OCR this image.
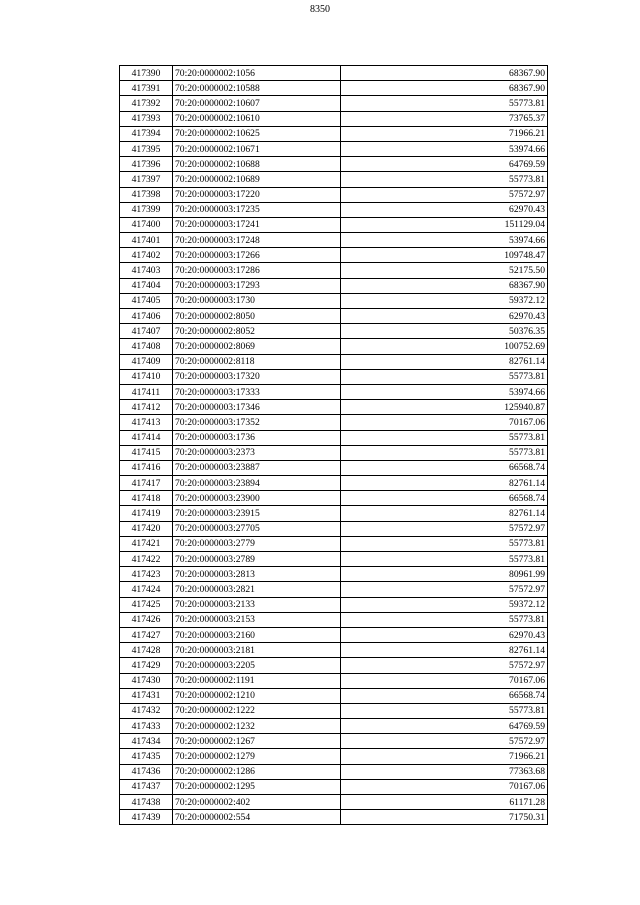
8350
417390	70:20:0000002:1056	68367.90
417391	70:20:0000002:10588	68367.90
417392	70:20:0000002:10607	55773.81
417393	70:20:0000002:10610	73765.37
417394	70:20:0000002:10625	71966.21
417395	70:20:0000002:10671	53974.66
417396	70:20:0000002:10688	64769.59
417397	70:20:0000002:10689	55773.81
417398	70:20:0000003:17220	57572.97
417399	70:20:0000003:17235	62970.43
417400	70:20:0000003:17241	151129.04
417401	70:20:0000003:17248	53974.66
417402	70:20:0000003:17266	109748.47
417403	70:20:0000003:17286	52175.50
417404	70:20:0000003:17293	68367.90
417405	70:20:0000003:1730	59372.12
417406	70:20:0000002:8050	62970.43
417407	70:20:0000002:8052	50376.35
417408	70:20:0000002:8069	100752.69
417409	70:20:0000002:8118	82761.14
417410	70:20:0000003:17320	55773.81
417411	70:20:0000003:17333	53974.66
417412	70:20:0000003:17346	125940.87
417413	70:20:0000003:17352	70167.06
417414	70:20:0000003:1736	55773.81
417415	70:20:0000003:2373	55773.81
417416	70:20:0000003:23887	66568.74
417417	70:20:0000003:23894	82761.14
417418	70:20:0000003:23900	66568.74
417419	70:20:0000003:23915	82761.14
417420	70:20:0000003:27705	57572.97
417421	70:20:0000003:2779	55773.81
417422	70:20:0000003:2789	55773.81
417423	70:20:0000003:2813	80961.99
417424	70:20:0000003:2821	57572.97
417425	70:20:0000003:2133	59372.12
417426	70:20:0000003:2153	55773.81
417427	70:20:0000003:2160	62970.43
417428	70:20:0000003:2181	82761.14
417429	70:20:0000003:2205	57572.97
417430	70:20:0000002:1191	70167.06
417431	70:20:0000002:1210	66568.74
417432	70:20:0000002:1222	55773.81
417433	70:20:0000002:1232	64769.59
417434	70:20:0000002:1267	57572.97
417435	70:20:0000002:1279	71966.21
417436	70:20:0000002:1286	77363.68
417437	70:20:0000002:1295	70167.06
417438	70:20:0000002:402	61171.28
417439	70:20:0000002:554	71750.31
